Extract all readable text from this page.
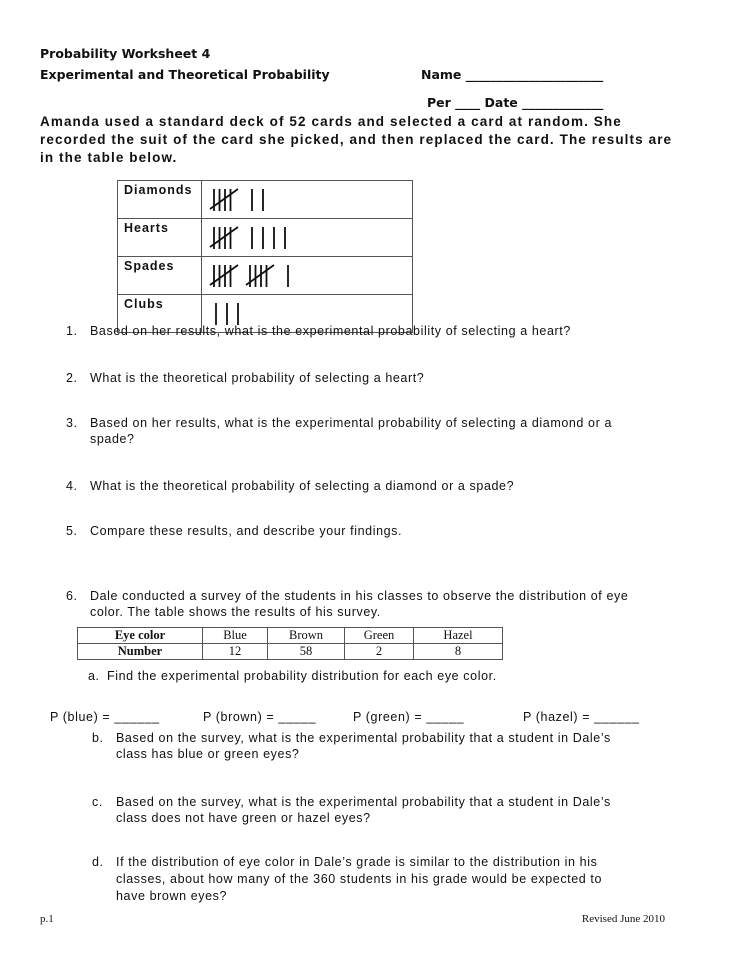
Probability Worksheet 4
Experimental and Theoretical Probability	Name ______________________
Per ____ Date _____________
Amanda used a standard deck of 52 cards and selected a card at random. She recorded the suit of the card she picked, and then replaced the card. The results are in the table below.
Diamonds	
Hearts	
Spades	
Clubs	
1. Based on her results, what is the experimental probability of selecting a heart?
2. What is the theoretical probability of selecting a heart?
3. Based on her results, what is the experimental probability of selecting a diamond or a
spade?
4. What is the theoretical probability of selecting a diamond or a spade?
5. Compare these results, and describe your findings.
6. Dale conducted a survey of the students in his classes to observe the distribution of eye
color. The table shows the results of his survey.
Eye color	Blue	Brown	Green	Hazel
Number	12	58	2	8
a. Find the experimental probability distribution for each eye color.
P (blue) = ______	P (brown) = _____	P (green) = _____	P (hazel) = ______
b. Based on the survey, what is the experimental probability that a student in Dale’s
class has blue or green eyes?
c. Based on the survey, what is the experimental probability that a student in Dale’s
class does not have green or hazel eyes?
d. If the distribution of eye color in Dale’s grade is similar to the distribution in his
classes, about how many of the 360 students in his grade would be expected to
have brown eyes?
p.1	Revised June 2010
